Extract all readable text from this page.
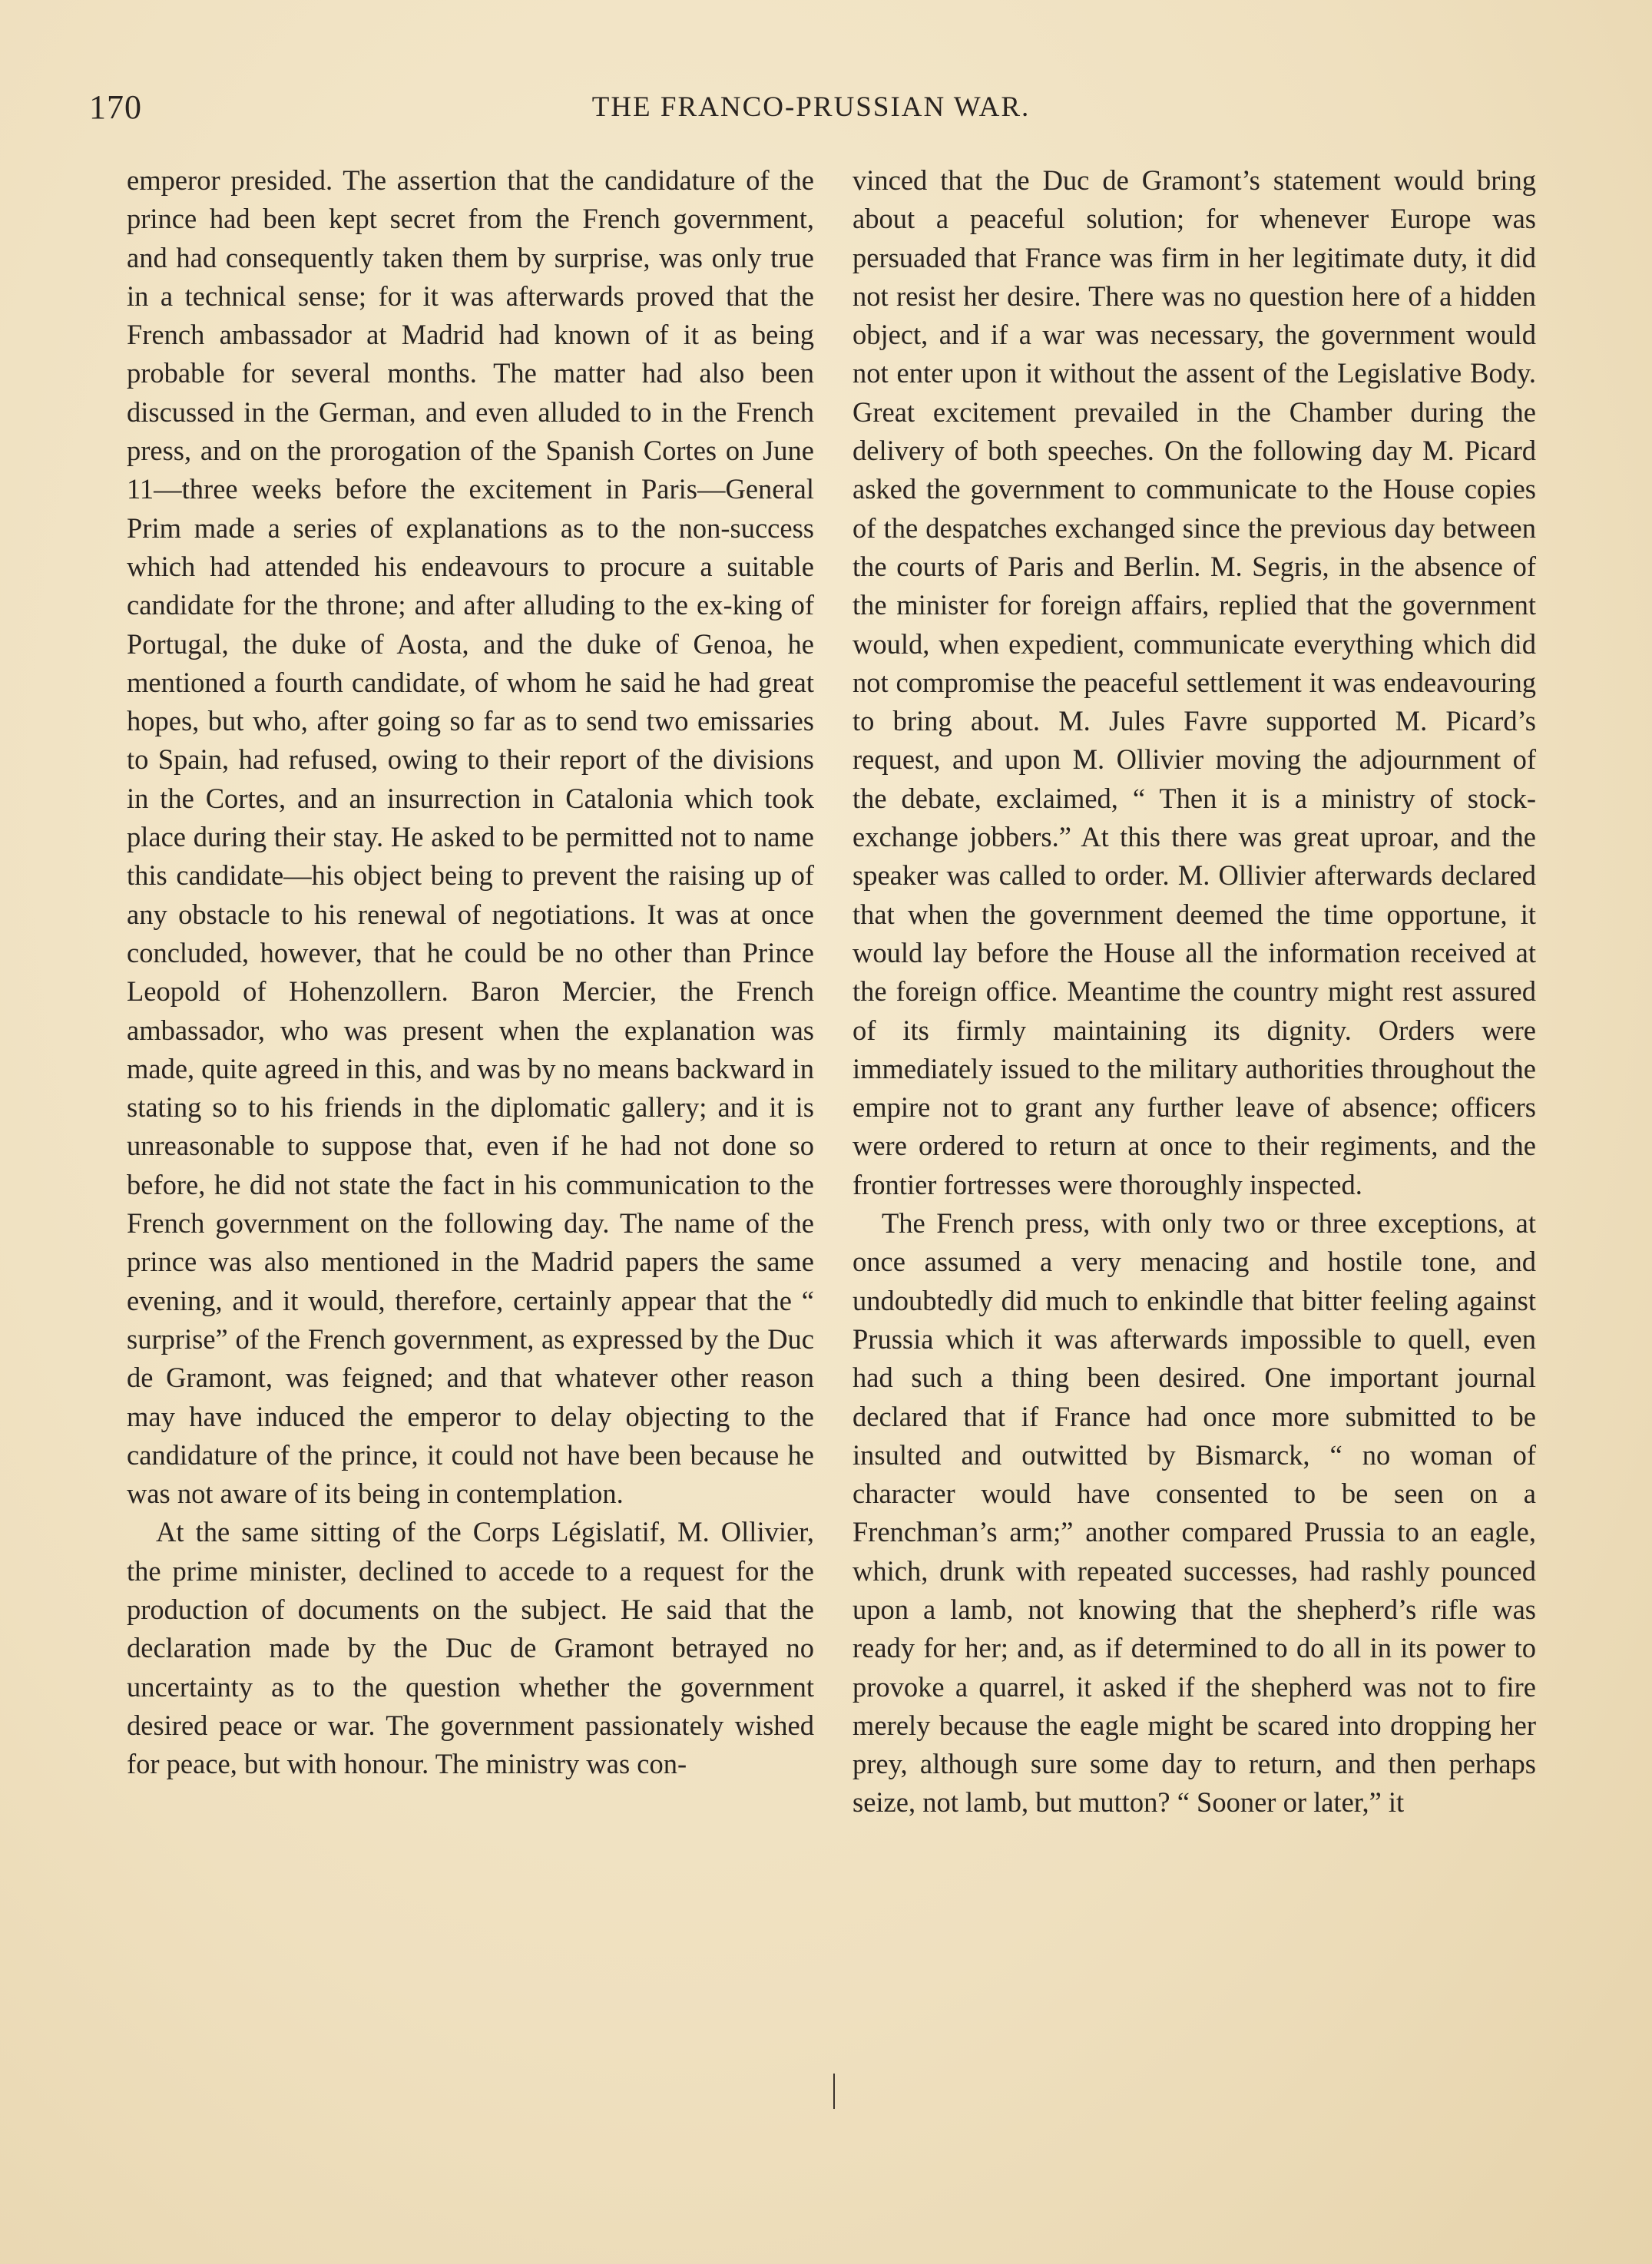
170	THE FRANCO-PRUSSIAN WAR.

emperor presided. The assertion that the candidature of the prince had been kept secret from the French government, and had consequently taken them by surprise, was only true in a technical sense; for it was afterwards proved that the French ambassador at Madrid had known of it as being probable for several months. The matter had also been discussed in the German, and even alluded to in the French press, and on the prorogation of the Spanish Cortes on June 11—three weeks before the excitement in Paris—General Prim made a series of explanations as to the non-success which had attended his endeavours to procure a suitable candidate for the throne; and after alluding to the ex-king of Portugal, the duke of Aosta, and the duke of Genoa, he mentioned a fourth candidate, of whom he said he had great hopes, but who, after going so far as to send two emissaries to Spain, had refused, owing to their report of the divisions in the Cortes, and an insurrection in Catalonia which took place during their stay. He asked to be permitted not to name this candidate—his object being to prevent the raising up of any obstacle to his renewal of negotiations. It was at once concluded, however, that he could be no other than Prince Leopold of Hohenzollern. Baron Mercier, the French ambassador, who was present when the explanation was made, quite agreed in this, and was by no means backward in stating so to his friends in the diplomatic gallery; and it is unreasonable to suppose that, even if he had not done so before, he did not state the fact in his communication to the French government on the following day. The name of the prince was also mentioned in the Madrid papers the same evening, and it would, therefore, certainly appear that the “ surprise” of the French government, as expressed by the Duc de Gramont, was feigned; and that whatever other reason may have induced the emperor to delay objecting to the candidature of the prince, it could not have been because he was not aware of its being in contemplation.

At the same sitting of the Corps Législatif, M. Ollivier, the prime minister, declined to accede to a request for the production of documents on the subject. He said that the declaration made by the Duc de Gramont betrayed no uncertainty as to the question whether the government desired peace or war. The government passionately wished for peace, but with honour. The ministry was con-

vinced that the Duc de Gramont’s statement would bring about a peaceful solution; for whenever Europe was persuaded that France was firm in her legitimate duty, it did not resist her desire. There was no question here of a hidden object, and if a war was necessary, the government would not enter upon it without the assent of the Legislative Body. Great excitement prevailed in the Chamber during the delivery of both speeches. On the following day M. Picard asked the government to communicate to the House copies of the despatches exchanged since the previous day between the courts of Paris and Berlin. M. Segris, in the absence of the minister for foreign affairs, replied that the government would, when expedient, communicate everything which did not compromise the peaceful settlement it was endeavouring to bring about. M. Jules Favre supported M. Picard’s request, and upon M. Ollivier moving the adjournment of the debate, exclaimed, “ Then it is a ministry of stock-exchange jobbers.” At this there was great uproar, and the speaker was called to order. M. Ollivier afterwards declared that when the government deemed the time opportune, it would lay before the House all the information received at the foreign office. Meantime the country might rest assured of its firmly maintaining its dignity. Orders were immediately issued to the military authorities throughout the empire not to grant any further leave of absence; officers were ordered to return at once to their regiments, and the frontier fortresses were thoroughly inspected.

The French press, with only two or three exceptions, at once assumed a very menacing and hostile tone, and undoubtedly did much to enkindle that bitter feeling against Prussia which it was afterwards impossible to quell, even had such a thing been desired. One important journal declared that if France had once more submitted to be insulted and outwitted by Bismarck, “ no woman of character would have consented to be seen on a Frenchman’s arm;” another compared Prussia to an eagle, which, drunk with repeated successes, had rashly pounced upon a lamb, not knowing that the shepherd’s rifle was ready for her; and, as if determined to do all in its power to provoke a quarrel, it asked if the shepherd was not to fire merely because the eagle might be scared into dropping her prey, although sure some day to return, and then perhaps seize, not lamb, but mutton? “ Sooner or later,” it
